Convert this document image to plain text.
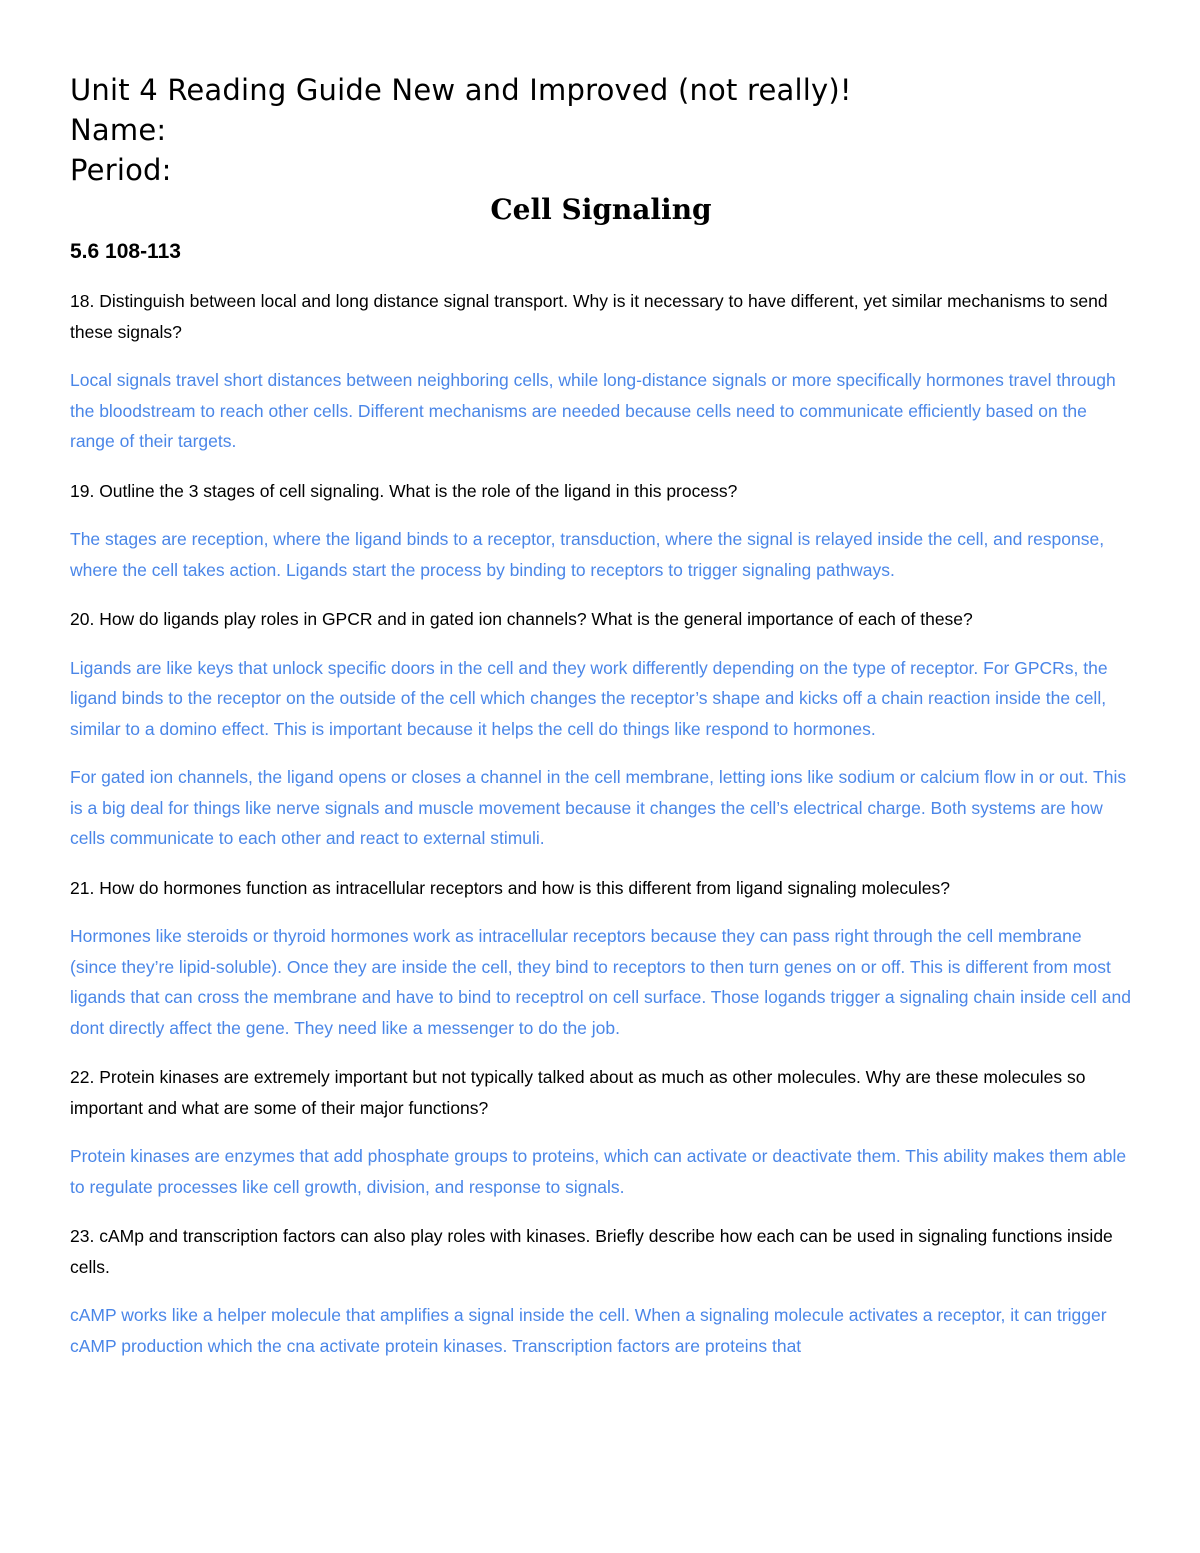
Unit 4 Reading Guide New and Improved (not really)!

Name:

Period:

Cell Signaling

5.6 108-113

18. Distinguish between local and long distance signal transport. Why is it necessary to have different, yet similar mechanisms to send these signals?

Local signals travel short distances between neighboring cells, while long-distance signals or more specifically hormones travel through the bloodstream to reach other cells. Different mechanisms are needed because cells need to communicate efficiently based on the range of their targets.

19. Outline the 3 stages of cell signaling. What is the role of the ligand in this process?

The stages are reception, where the ligand binds to a receptor, transduction, where the signal is relayed inside the cell, and response, where the cell takes action. Ligands start the process by binding to receptors to trigger signaling pathways.

20. How do ligands play roles in GPCR and in gated ion channels? What is the general importance of each of these?

Ligands are like keys that unlock specific doors in the cell and they work differently depending on the type of receptor. For GPCRs, the ligand binds to the receptor on the outside of the cell which changes the receptor’s shape and kicks off a chain reaction inside the cell, similar to a domino effect. This is important because it helps the cell do things like respond to hormones.

For gated ion channels, the ligand opens or closes a channel in the cell membrane, letting ions like sodium or calcium flow in or out. This is a big deal for things like nerve signals and muscle movement because it changes the cell’s electrical charge. Both systems are how cells communicate to each other and react to external stimuli.

21. How do hormones function as intracellular receptors and how is this different from ligand signaling molecules?

Hormones like steroids or thyroid hormones work as intracellular receptors because they can pass right through the cell membrane (since they’re lipid-soluble). Once they are inside the cell, they bind to receptors to then turn genes on or off. This is different from most ligands that can cross the membrane and have to bind to receptrol on cell surface. Those logands trigger a signaling chain inside cell and dont directly affect the gene. They need like a messenger to do the job.

22. Protein kinases are extremely important but not typically talked about as much as other molecules. Why are these molecules so important and what are some of their major functions?

Protein kinases are enzymes that add phosphate groups to proteins, which can activate or deactivate them. This ability makes them able to regulate processes like cell growth, division, and response to signals.

23. cAMp and transcription factors can also play roles with kinases. Briefly describe how each can be used in signaling functions inside cells.

cAMP works like a helper molecule that amplifies a signal inside the cell. When a signaling molecule activates a receptor, it can trigger cAMP production which the cna activate protein kinases. Transcription factors are proteins that
